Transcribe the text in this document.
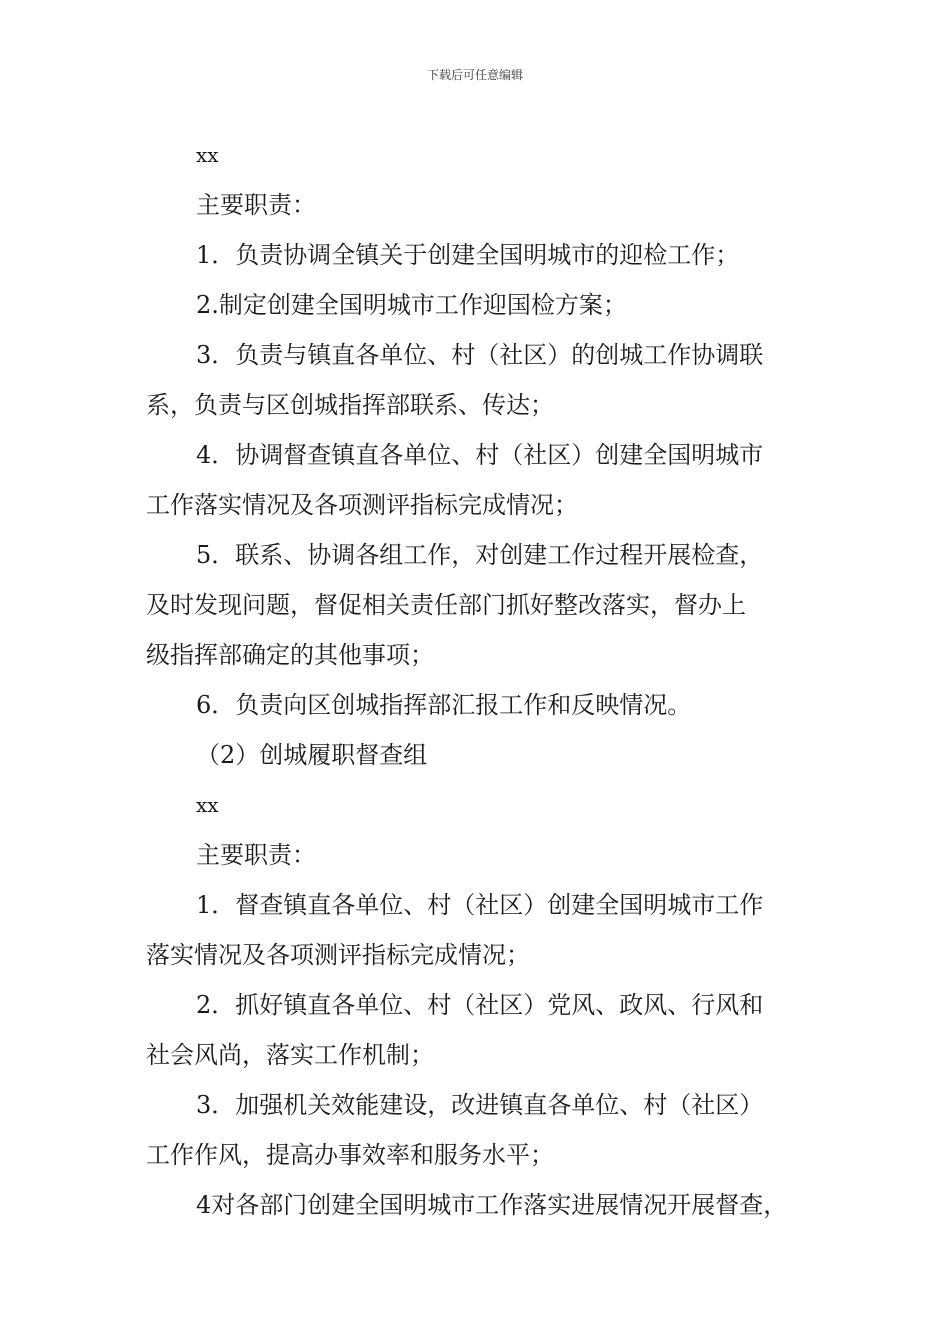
下载后可任意编辑
xx
主要职责：
1．负责协调全镇关于创建全国明城市的迎检工作；
2.制定创建全国明城市工作迎国检方案；
3．负责与镇直各单位、村（社区）的创城工作协调联
系，负责与区创城指挥部联系、传达；
4．协调督查镇直各单位、村（社区）创建全国明城市
工作落实情况及各项测评指标完成情况；
5．联系、协调各组工作，对创建工作过程开展检查，
及时发现问题，督促相关责任部门抓好整改落实，督办上
级指挥部确定的其他事项；
6．负责向区创城指挥部汇报工作和反映情况。
（2）创城履职督查组
xx
主要职责：
1．督查镇直各单位、村（社区）创建全国明城市工作
落实情况及各项测评指标完成情况；
2．抓好镇直各单位、村（社区）党风、政风、行风和
社会风尚，落实工作机制；
3．加强机关效能建设，改进镇直各单位、村（社区）
工作作风，提高办事效率和服务水平；
4对各部门创建全国明城市工作落实进展情况开展督查，
